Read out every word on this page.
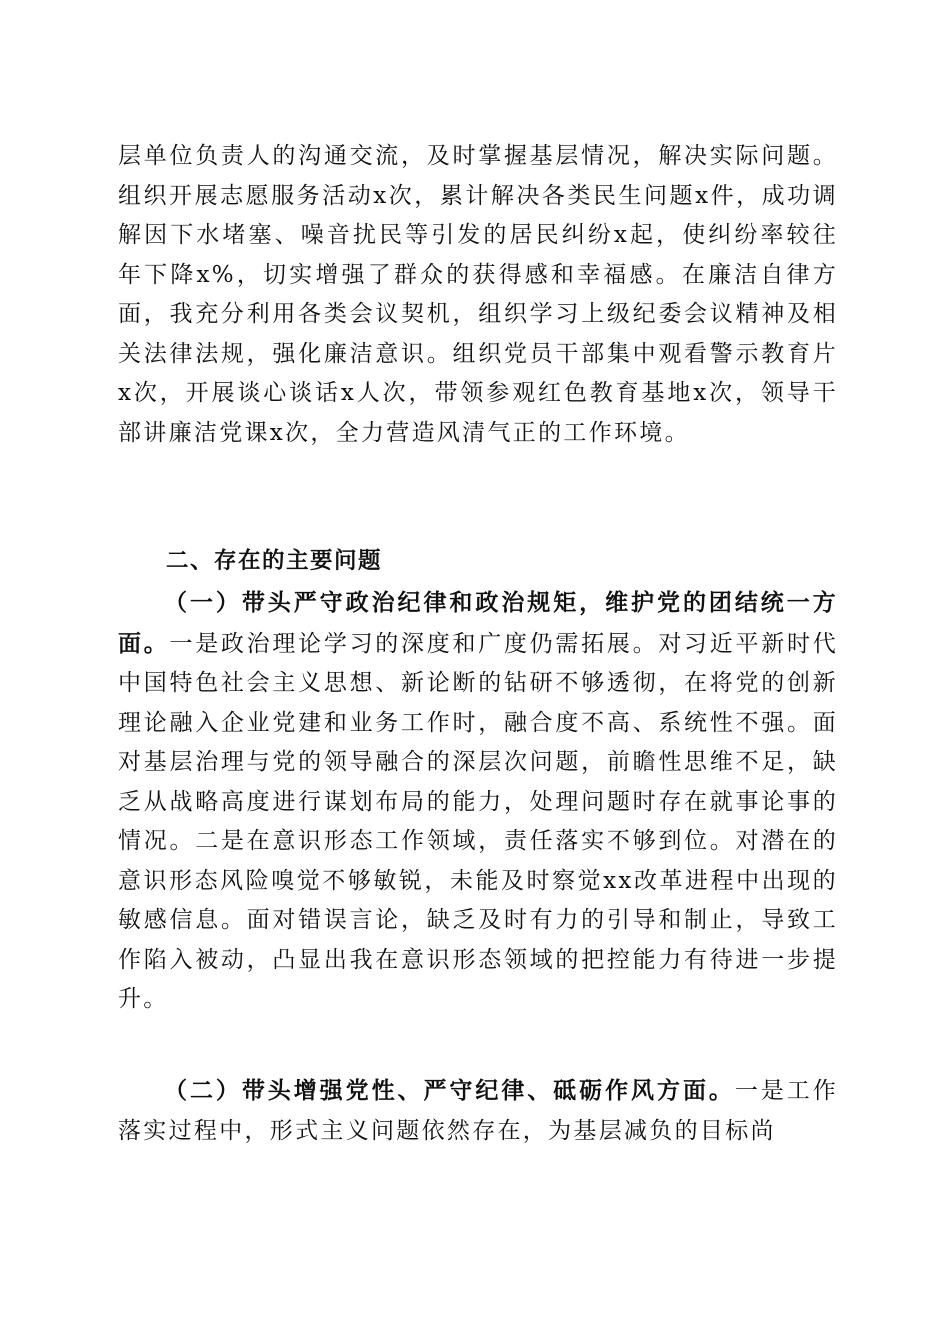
层单位负责人的沟通交流，及时掌握基层情况，解决实际问题。组织开展志愿服务活动x次，累计解决各类民生问题x件，成功调解因下水堵塞、噪音扰民等引发的居民纠纷x起，使纠纷率较往年下降x%，切实增强了群众的获得感和幸福感。在廉洁自律方面，我充分利用各类会议契机，组织学习上级纪委会议精神及相关法律法规，强化廉洁意识。组织党员干部集中观看警示教育片x次，开展谈心谈话x人次，带领参观红色教育基地x次，领导干部讲廉洁党课x次，全力营造风清气正的工作环境。

二、存在的主要问题

（一）带头严守政治纪律和政治规矩，维护党的团结统一方面。一是政治理论学习的深度和广度仍需拓展。对习近平新时代中国特色社会主义思想、新论断的钻研不够透彻，在将党的创新理论融入企业党建和业务工作时，融合度不高、系统性不强。面对基层治理与党的领导融合的深层次问题，前瞻性思维不足，缺乏从战略高度进行谋划布局的能力，处理问题时存在就事论事的情况。二是在意识形态工作领域，责任落实不够到位。对潜在的意识形态风险嗅觉不够敏锐，未能及时察觉xx改革进程中出现的敏感信息。面对错误言论，缺乏及时有力的引导和制止，导致工作陷入被动，凸显出我在意识形态领域的把控能力有待进一步提升。

（二）带头增强党性、严守纪律、砥砺作风方面。一是工作落实过程中，形式主义问题依然存在，为基层减负的目标尚
